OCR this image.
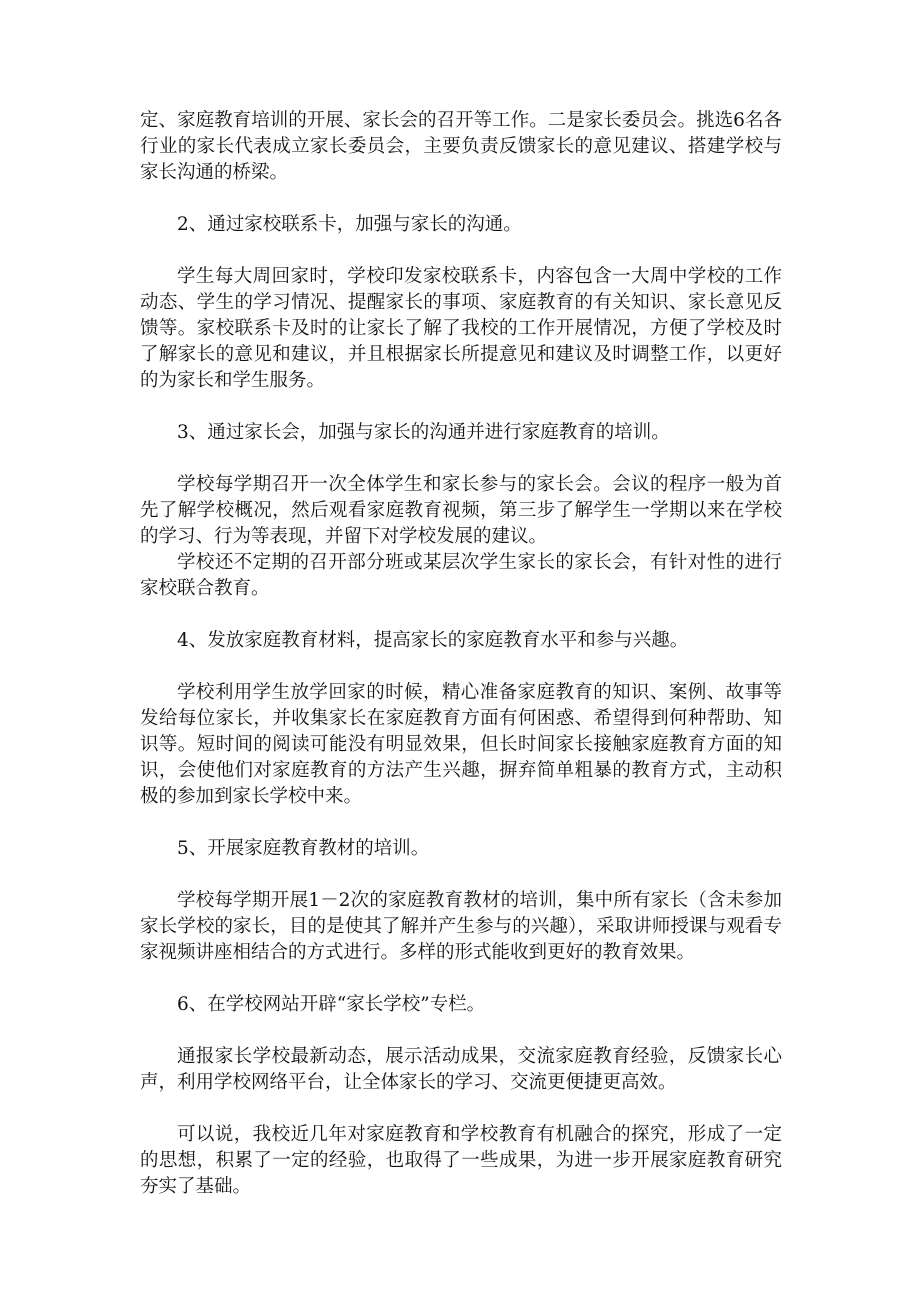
定、家庭教育培训的开展、家长会的召开等工作。二是家长委员会。挑选6名各行业的家长代表成立家长委员会，主要负责反馈家长的意见建议、搭建学校与家长沟通的桥梁。

2、通过家校联系卡，加强与家长的沟通。

学生每大周回家时，学校印发家校联系卡，内容包含一大周中学校的工作动态、学生的学习情况、提醒家长的事项、家庭教育的有关知识、家长意见反馈等。家校联系卡及时的让家长了解了我校的工作开展情况，方便了学校及时了解家长的意见和建议，并且根据家长所提意见和建议及时调整工作，以更好的为家长和学生服务。

3、通过家长会，加强与家长的沟通并进行家庭教育的培训。

学校每学期召开一次全体学生和家长参与的家长会。会议的程序一般为首先了解学校概况，然后观看家庭教育视频，第三步了解学生一学期以来在学校的学习、行为等表现，并留下对学校发展的建议。

学校还不定期的召开部分班或某层次学生家长的家长会，有针对性的进行家校联合教育。

4、发放家庭教育材料，提高家长的家庭教育水平和参与兴趣。

学校利用学生放学回家的时候，精心准备家庭教育的知识、案例、故事等发给每位家长，并收集家长在家庭教育方面有何困惑、希望得到何种帮助、知识等。短时间的阅读可能没有明显效果，但长时间家长接触家庭教育方面的知识，会使他们对家庭教育的方法产生兴趣，摒弃简单粗暴的教育方式，主动积极的参加到家长学校中来。

5、开展家庭教育教材的培训。

学校每学期开展1－2次的家庭教育教材的培训，集中所有家长（含未参加家长学校的家长，目的是使其了解并产生参与的兴趣），采取讲师授课与观看专家视频讲座相结合的方式进行。多样的形式能收到更好的教育效果。

6、在学校网站开辟“家长学校”专栏。

通报家长学校最新动态，展示活动成果，交流家庭教育经验，反馈家长心声，利用学校网络平台，让全体家长的学习、交流更便捷更高效。

可以说，我校近几年对家庭教育和学校教育有机融合的探究，形成了一定的思想，积累了一定的经验，也取得了一些成果，为进一步开展家庭教育研究夯实了基础。
